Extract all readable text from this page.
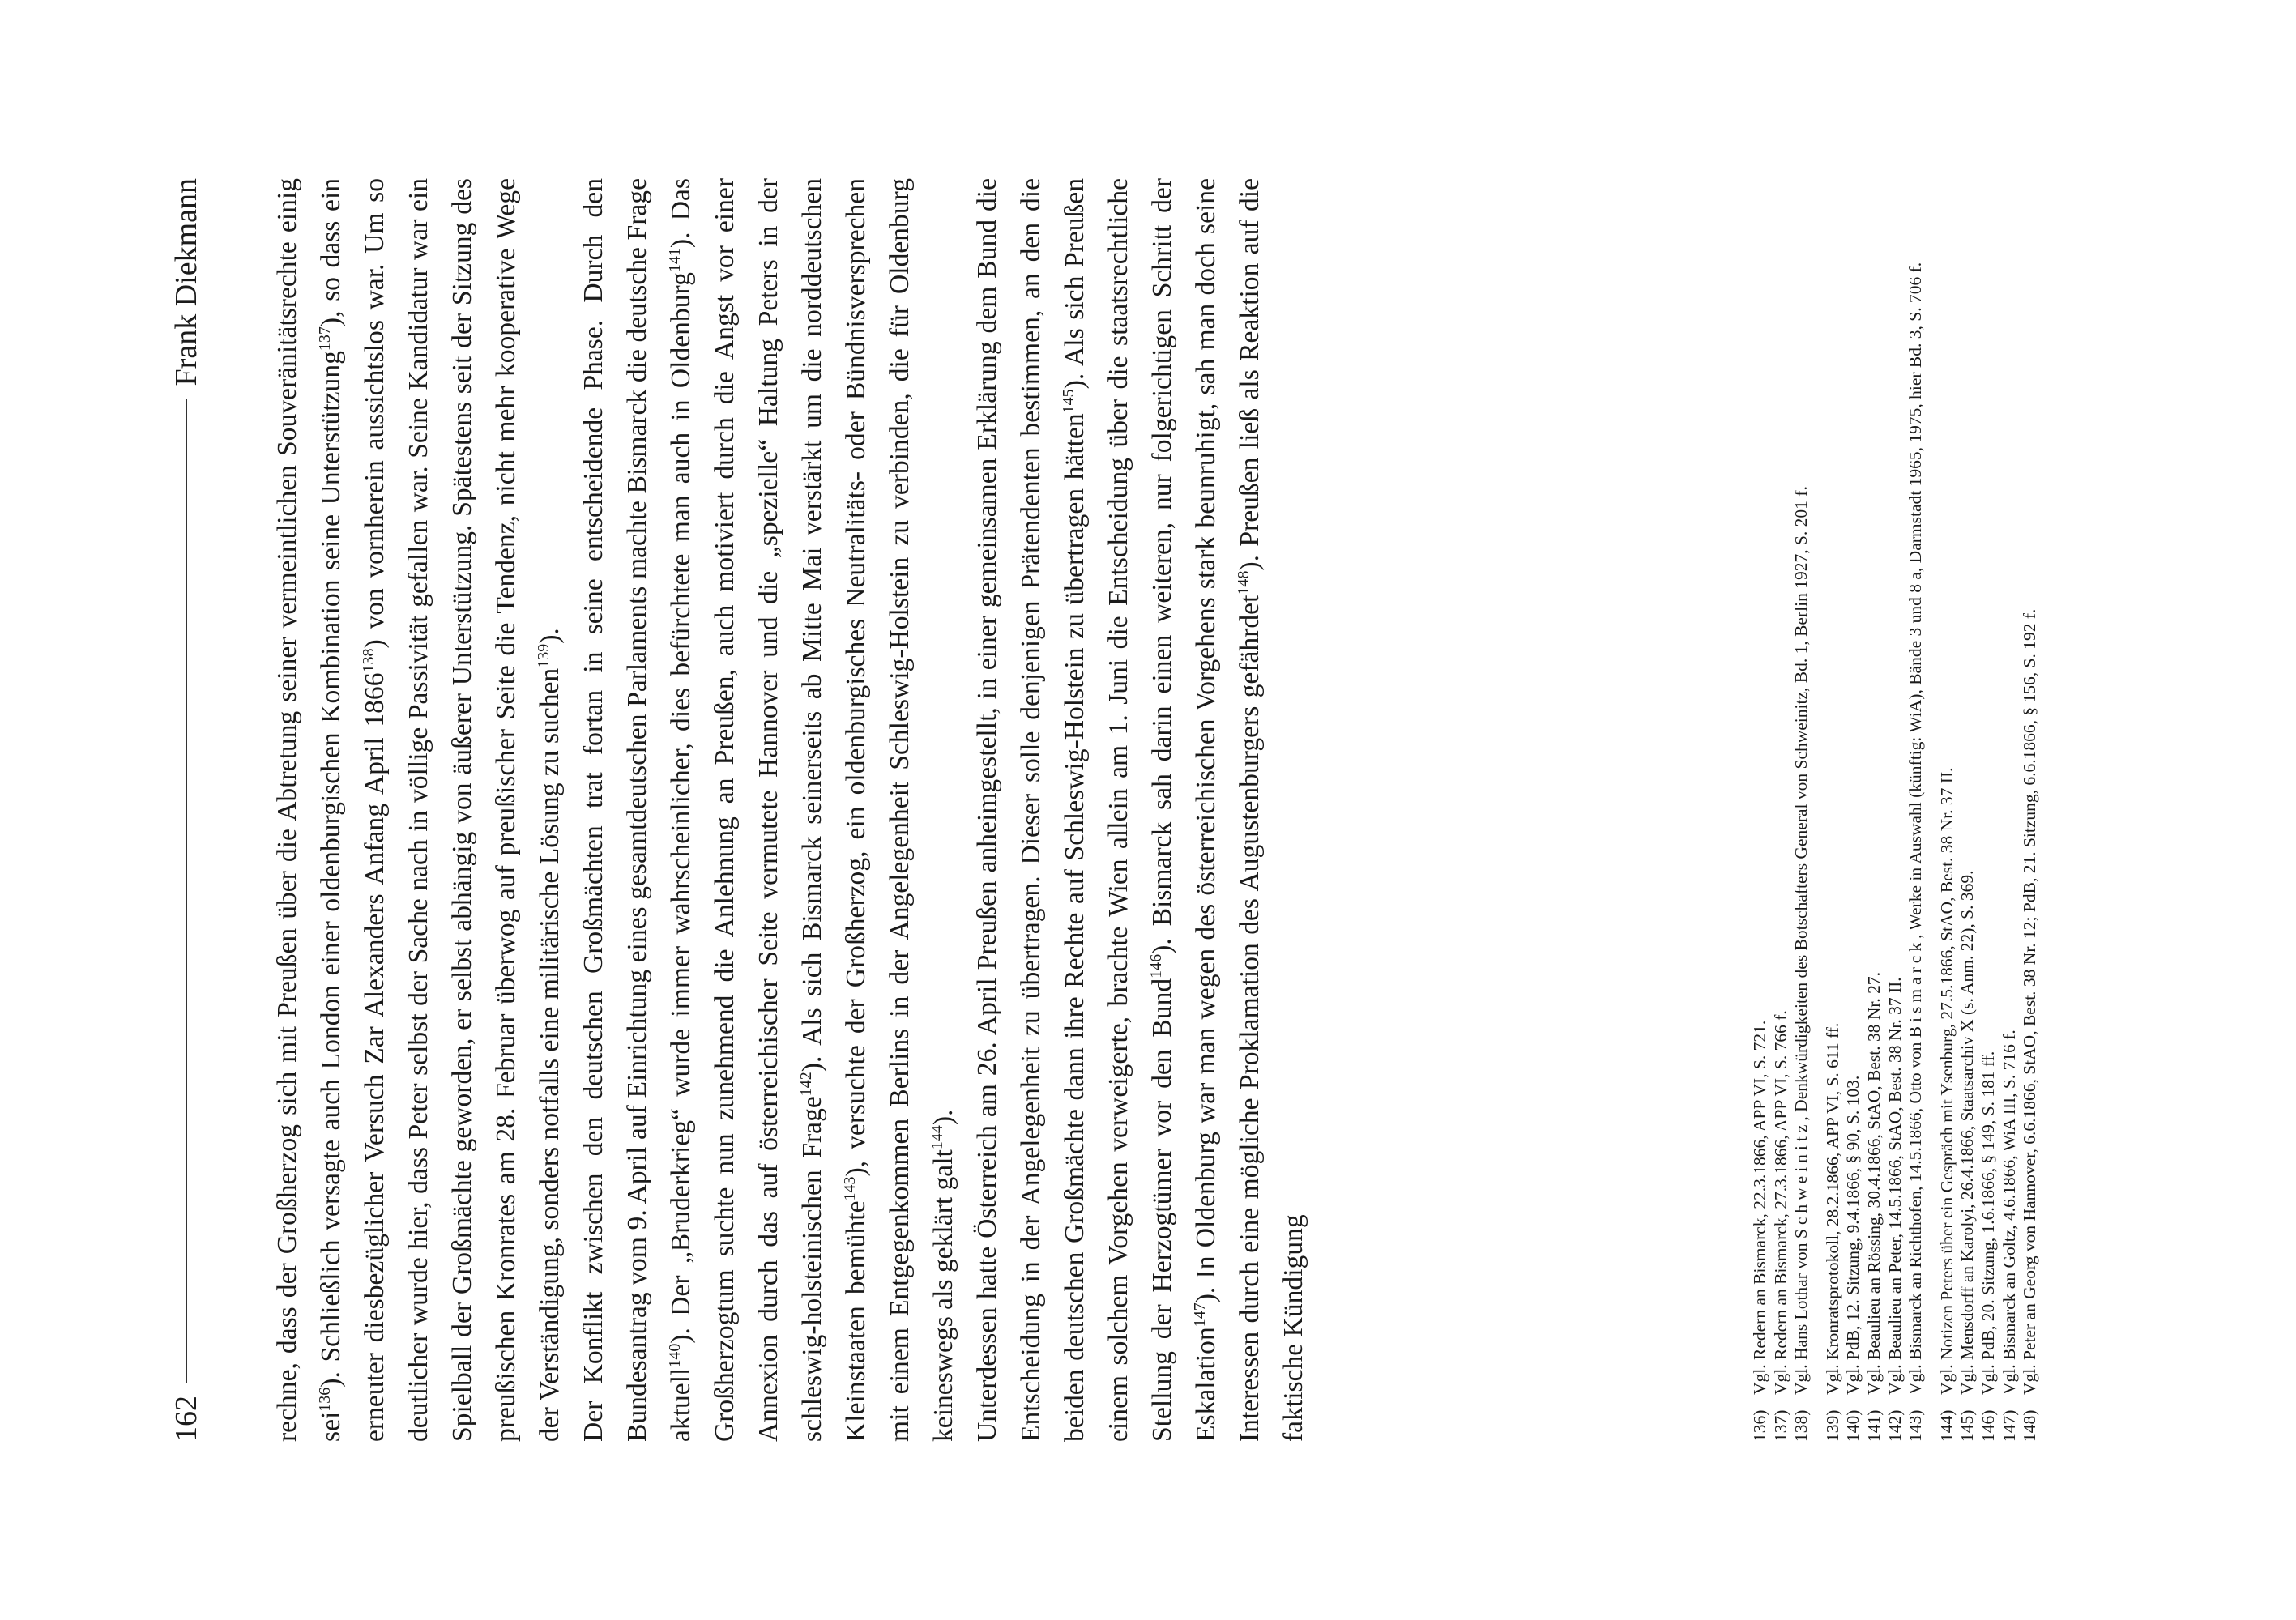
162
Frank Diekmann	rechne, dass der Großherzog sich mit Preußen über die Abtretung seiner vermeintlichen Souveränitätsrechte einig sei$^{136}$). Schließlich versagte auch London einer oldenburgischen Kombination seine Unterstützung$^{137}$), so dass ein erneuter diesbezüglicher Versuch Zar Alexanders Anfang April 1866$^{138}$) von vornherein aussichtslos war. Um so deutlicher wurde hier, dass Peter selbst der Sache nach in völlige Passivität gefallen war. Seine Kandidatur war ein Spielball der Großmächte geworden, er selbst abhängig von äußerer Unterstützung. Spätestens seit der Sitzung des preußischen Kronrates am 28. Februar überwog auf preußischer Seite die Tendenz, nicht mehr kooperative Wege der Verständigung, sonders notfalls eine militärische Lösung zu suchen$^{139}$). Der Konflikt zwischen den deutschen Großmächten trat fortan in seine entscheidende Phase. Durch den Bundesantrag vom 9. April auf Einrichtung eines gesamtdeutschen Parlaments machte Bismarck die deutsche Frage aktuell$^{140}$). Der „Bruderkrieg“ wurde immer wahrscheinlicher, dies befürchtete man auch in Oldenburg$^{141}$). Das Großherzogtum suchte nun zunehmend die Anlehnung an Preußen, auch motiviert durch die Angst vor einer Annexion durch das auf österreichischer Seite vermutete Hannover und die „spezielle“ Haltung Peters in der schleswig-holsteinischen Frage$^{142}$). Als sich Bismarck seinerseits ab Mitte Mai verstärkt um die norddeutschen Kleinstaaten bemühte$^{143}$), versuchte der Großherzog, ein oldenburgisches Neutralitäts- oder Bündnisversprechen mit einem Entgegenkommen Berlins in der Angelegenheit Schleswig-Holstein zu verbinden, die für Oldenburg keineswegs als geklärt galt$^{144}$). Unterdessen hatte Österreich am 26. April Preußen anheimgestellt, in einer gemeinsamen Erklärung dem Bund die Entscheidung in der Angelegenheit zu übertragen. Dieser solle denjenigen Prätendenten bestimmen, an den die beiden deutschen Großmächte dann ihre Rechte auf Schleswig-Holstein zu übertragen hätten$^{145}$). Als sich Preußen einem solchem Vorgehen verweigerte, brachte Wien allein am 1. Juni die Entscheidung über die staatsrechtliche Stellung der Herzogtümer vor den Bund$^{146}$). Bismarck sah darin einen weiteren, nur folgerichtigen Schritt der Eskalation$^{147}$). In Oldenburg war man wegen des österreichischen Vorgehens stark beunruhigt, sah man doch seine Interessen durch eine mögliche Proklamation des Augustenburgers gefährdet$^{148}$). Preußen ließ als Reaktion auf die faktische Kündigung	136)
Vgl. Redern an Bismarck, 22.3.1866, APP VI, S. 721.
137)
Vgl. Redern an Bismarck, 27.3.1866, APP VI, S. 766 f.
138)
Vgl. Hans Lothar von Schweinitz, Denkwürdigkeiten des Botschafters General von Schweinitz, Bd. 1, Berlin 1927, S. 201 f.
139)
Vgl. Kronratsprotokoll, 28.2.1866, APP VI, S. 611 ff.
140)
Vgl. PdB, 12. Sitzung, 9.4.1866, § 90, S. 103.
141)
Vgl. Beaulieu an Rössing, 30.4.1866, StAO, Best. 38 Nr. 27.
142)
Vgl. Beaulieu an Peter, 14.5.1866, StAO, Best. 38 Nr. 37 II.
143)
Vgl. Bismarck an Richthofen, 14.5.1866, Otto von Bismarck, Werke in Auswahl (künftig: WiA), Bände 3 und 8 a, Darmstadt 1965, 1975, hier Bd. 3, S. 706 f.
144)
Vgl. Notizen Peters über ein Gespräch mit Ysenburg, 27.5.1866, StAO, Best. 38 Nr. 37 II.
145)
Vgl. Mensdorff an Karolyi, 26.4.1866, Staatsarchiv X (s. Anm. 22), S. 369.
146)
Vgl. PdB, 20. Sitzung, 1.6.1866, § 149, S. 181 ff.
147)
Vgl. Bismarck an Goltz, 4.6.1866, WiA III, S. 716 f.
148)
Vgl. Peter an Georg von Hannover, 6.6.1866, StAO, Best. 38 Nr. 12; PdB, 21. Sitzung, 6.6.1866, § 156, S. 192 f.
